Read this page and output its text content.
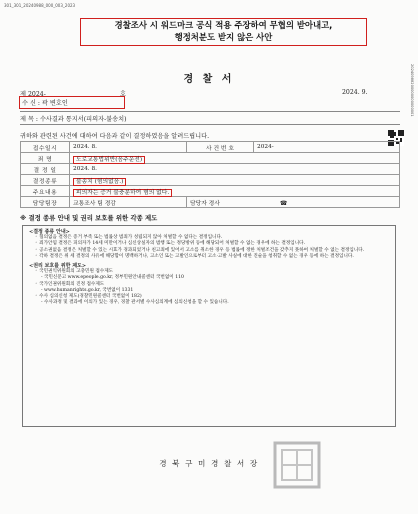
301_301_20240988_000_003_2023
경찰조사 시 워드마크 공식 적용 주장하여 무협의 받아내고,
행정처분도 받지 않은 사안
20240988200000000000001
경 찰 서
제 2024-	호	2024. 9.
수 신 : 곽 변호인
제 목 : 수사결과 통지서(피의자-불송치)
귀하와 관련된 사건에 대하여 다음과 같이 결정하였음을 알려드립니다.
접수일시	2024. 8.	사 건 번 호	2024-
죄 명	도로교통법위반(음주운전)		
결 정 일	2024. 8.		
결정종류	불송치 (혐의없음.)		
주요내용	피의자는 증거 불충분하여 혐의 없다.		
담당팀장	교통조사 팀 경감	담당자 경사 ☎	
※ 결정 종류 안내 및 권리 보호를 위한 각종 제도
<결정 종류 안내>
◦ 혐의없음 결정은 증거 부족 또는 법률상 범죄가 성립되지 않아 처벌할 수 없다는 결정입니다.
◦ 죄가안됨 결정은 피의자가 14세 미만이거나 심신상실자의 범행 또는 정당방위 등에 해당되어 처벌할 수 없는 경우에 하는 결정입니다.
◦ 공소권없음 결정은 처벌할 수 있는 시효가 경과되었거나 친고죄에 있어서 고소를 취소한 경우 등 법률에 정한 처벌조건을 갖추지 못하여 처벌할 수 없는 결정입니다.
◦ 각하 결정은 위 세 결정의 사유에 해당함이 명백하거나, 고소인 또는 고발인으로부터 고소·고발 사실에 대한 진술을 청취할 수 없는 경우 등에 하는 결정입니다.
<권리 보호를 위한 제도>
◦ 국민권익위원회의 고충민원 접수제도
- 국민신문고 www.epeople.go.kr, 정부민원안내콜센터 국번없이 110
◦ 국가인권위원회의 진정 접수제도
- www.humanrights.go.kr, 국번없이 1331
◦ 수사 심의신청 제도(경찰민원콜센터 국번없이 182)
- 수사과정 및 결과에 이의가 있는 경우, 경찰 관서별 수사심의계에 심의신청을 할 수 있습니다.
경 북 구 미 경 찰 서 장
